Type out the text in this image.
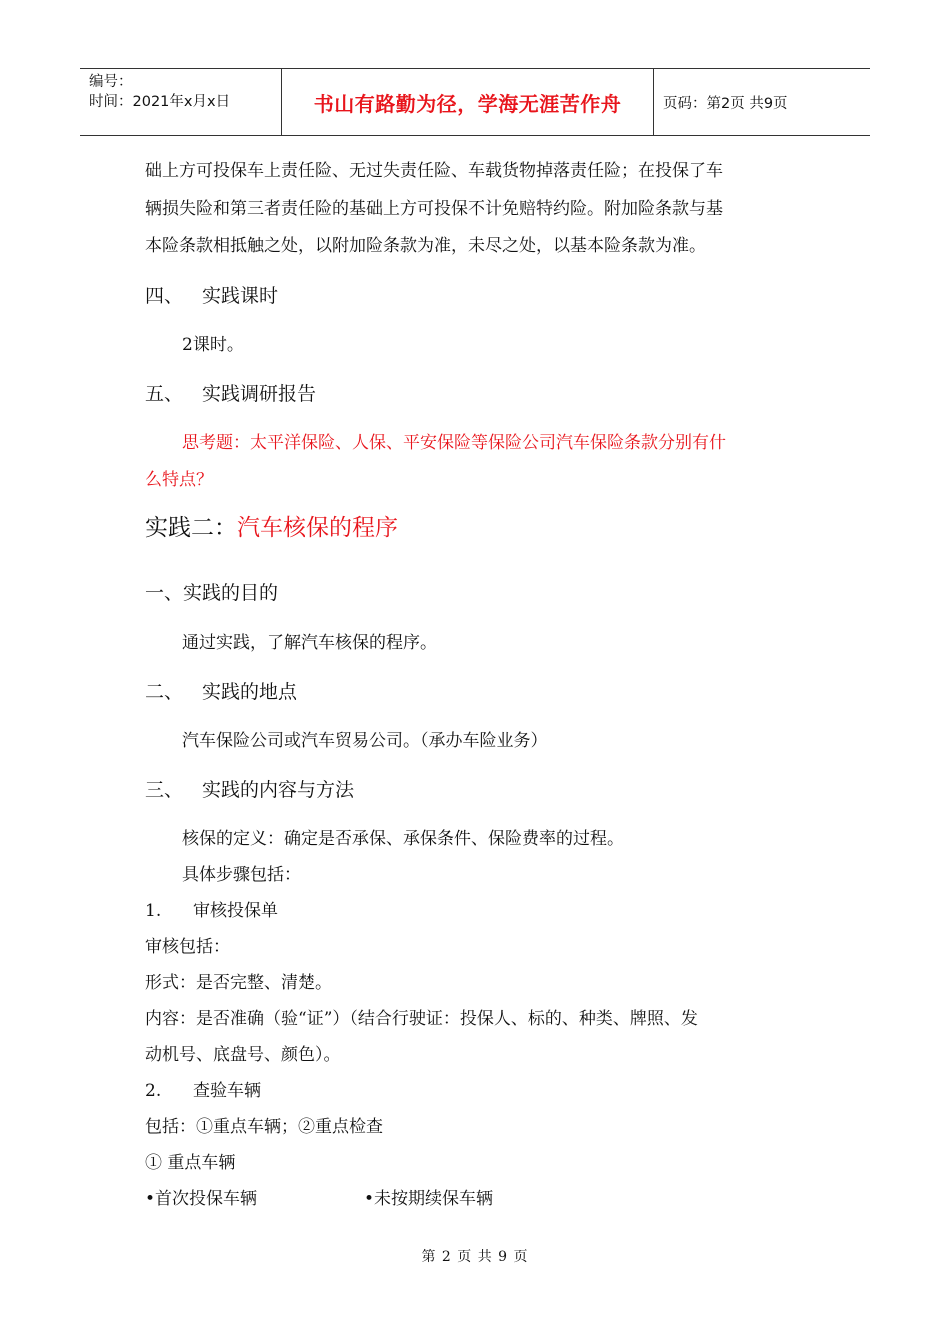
编号：
时间：2021年x月x日	书山有路勤为径，学海无涯苦作舟	页码：第2页 共9页
础上方可投保车上责任险、无过失责任险、车载货物掉落责任险；在投保了车
辆损失险和第三者责任险的基础上方可投保不计免赔特约险。附加险条款与基
本险条款相抵触之处，以附加险条款为准，未尽之处，以基本险条款为准。
四、 实践课时
2课时。
五、 实践调研报告
思考题：太平洋保险、人保、平安保险等保险公司汽车保险条款分别有什
么特点？
实践二：汽车核保的程序
一、实践的目的
通过实践，了解汽车核保的程序。
二、 实践的地点
汽车保险公司或汽车贸易公司。（承办车险业务）
三、 实践的内容与方法
核保的定义：确定是否承保、承保条件、保险费率的过程。
具体步骤包括：
1. 审核投保单
审核包括：
形式：是否完整、清楚。
内容：是否准确（验“证”）（结合行驶证：投保人、标的、种类、牌照、发
动机号、底盘号、颜色）。
2. 查验车辆
包括：①重点车辆；②重点检查
① 重点车辆
•首次投保车辆	•未按期续保车辆
第 2 页 共 9 页
